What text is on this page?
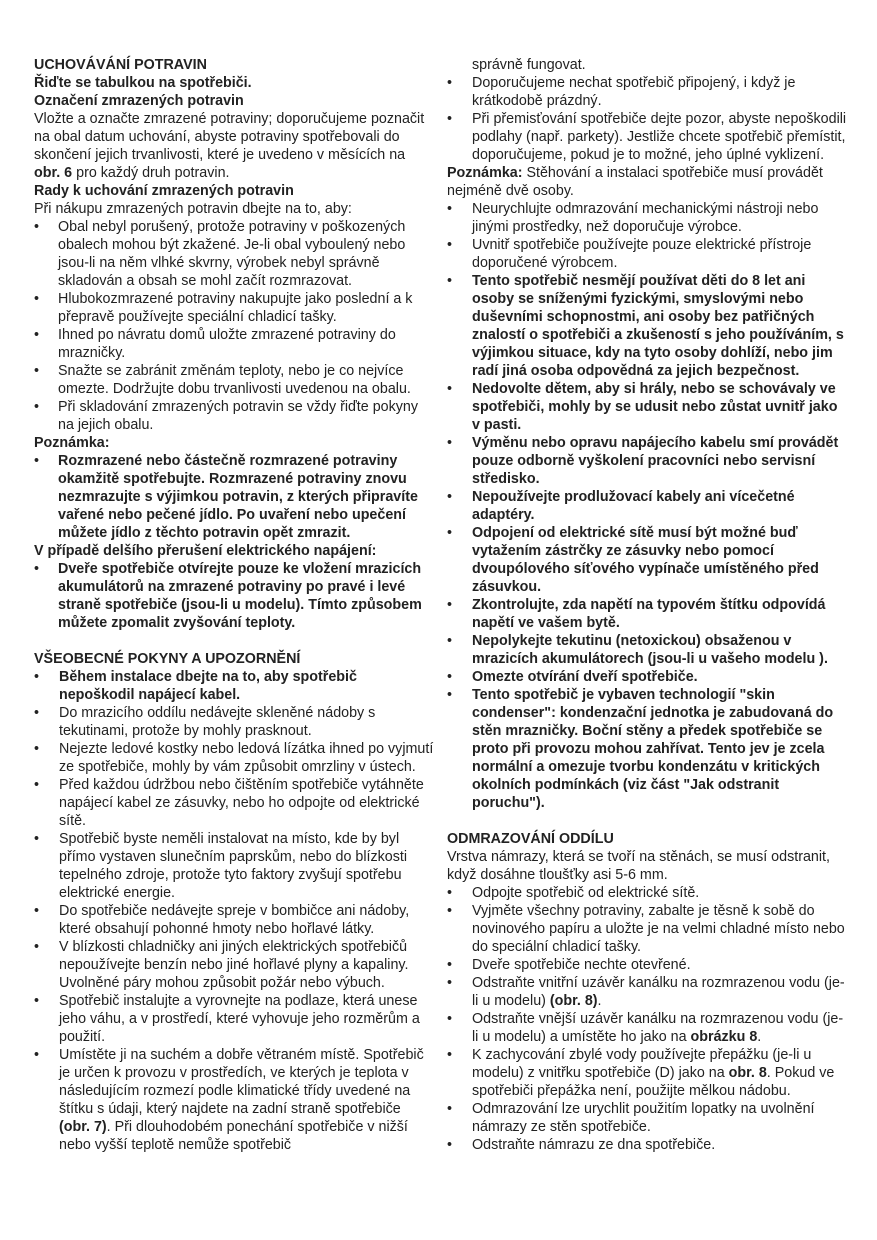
UCHOVÁVÁNÍ POTRAVIN

Řiďte se tabulkou na spotřebiči.

Označení zmrazených potravin

Vložte a označte zmrazené potraviny; doporučujeme poznačit na obal datum uchování, abyste potraviny spotřebovali do skončení jejich trvanlivosti, které je uvedeno v měsících na obr. 6 pro každý druh potravin.

Rady k uchování zmrazených potravin

Při nákupu zmrazených potravin dbejte na to, aby:

• Obal nebyl porušený, protože potraviny v poškozených obalech mohou být zkažené. Je-li obal vyboulený nebo jsou-li na něm vlhké skvrny, výrobek nebyl správně skladován a obsah se mohl začít rozmrazovat.
• Hlubokozmrazené potraviny nakupujte jako poslední a k přepravě používejte speciální chladicí tašky.
• Ihned po návratu domů uložte zmrazené potraviny do mrazničky.
• Snažte se zabránit změnám teploty, nebo je co nejvíce omezte. Dodržujte dobu trvanlivosti uvedenou na obalu.
• Při skladování zmrazených potravin se vždy řiďte pokyny na jejich obalu.

Poznámka:

• Rozmrazené nebo částečně rozmrazené potraviny okamžitě spotřebujte. Rozmrazené potraviny znovu nezmrazujte s výjimkou potravin, z kterých připravíte vařené nebo pečené jídlo. Po uvaření nebo upečení můžete jídlo z těchto potravin opět zmrazit.

V případě delšího přerušení elektrického napájení:

• Dveře spotřebiče otvírejte pouze ke vložení mrazicích akumulátorů na zmrazené potraviny po pravé i levé straně spotřebiče (jsou-li u modelu). Tímto způsobem můžete zpomalit zvyšování teploty.

VŠEOBECNÉ POKYNY A UPOZORNĚNÍ

• Během instalace dbejte na to, aby spotřebič nepoškodil napájecí kabel.
• Do mrazicího oddílu nedávejte skleněné nádoby s tekutinami, protože by mohly prasknout.
• Nejezte ledové kostky nebo ledová lízátka ihned po vyjmutí ze spotřebiče, mohly by vám způsobit omrzliny v ústech.
• Před každou údržbou nebo čištěním spotřebiče vytáhněte napájecí kabel ze zásuvky, nebo ho odpojte od elektrické sítě.
• Spotřebič byste neměli instalovat na místo, kde by byl přímo vystaven slunečním paprskům, nebo do blízkosti tepelného zdroje, protože tyto faktory zvyšují spotřebu elektrické energie.
• Do spotřebiče nedávejte spreje v bombičce ani nádoby, které obsahují pohonné hmoty nebo hořlavé látky.
• V blízkosti chladničky ani jiných elektrických spotřebičů nepoužívejte benzín nebo jiné hořlavé plyny a kapaliny. Uvolněné páry mohou způsobit požár nebo výbuch.
• Spotřebič instalujte a vyrovnejte na podlaze, která unese jeho váhu, a v prostředí, které vyhovuje jeho rozměrům a použití.
• Umístěte ji na suchém a dobře větraném místě. Spotřebič je určen k provozu v prostředích, ve kterých je teplota v následujícím rozmezí podle klimatické třídy uvedené na štítku s údaji, který najdete na zadní straně spotřebiče (obr. 7). Při dlouhodobém ponechání spotřebiče v nižší nebo vyšší teplotě nemůže spotřebič

správně fungovat.

• Doporučujeme nechat spotřebič připojený, i když je krátkodobě prázdný.
• Při přemisťování spotřebiče dejte pozor, abyste nepoškodili podlahy (např. parkety). Jestliže chcete spotřebič přemístit, doporučujeme, pokud je to možné, jeho úplné vyklizení.

Poznámka: Stěhování a instalaci spotřebiče musí provádět nejméně dvě osoby.

• Neurychlujte odmrazování mechanickými nástroji nebo jinými prostředky, než doporučuje výrobce.
• Uvnitř spotřebiče používejte pouze elektrické přístroje doporučené výrobcem.
• Tento spotřebič nesmějí používat děti do 8 let ani osoby se sníženými fyzickými, smyslovými nebo duševními schopnostmi, ani osoby bez patřičných znalostí o spotřebiči a zkušeností s jeho používáním, s výjimkou situace, kdy na tyto osoby dohlíží, nebo jim radí jiná osoba odpovědná za jejich bezpečnost.
• Nedovolte dětem, aby si hrály, nebo se schovávaly ve spotřebiči, mohly by se udusit nebo zůstat uvnitř jako v pasti.
• Výměnu nebo opravu napájecího kabelu smí provádět pouze odborně vyškolení pracovníci nebo servisní středisko.
• Nepoužívejte prodlužovací kabely ani vícečetné adaptéry.
• Odpojení od elektrické sítě musí být možné buď vytažením zástrčky ze zásuvky nebo pomocí dvoupólového síťového vypínače umístěného před zásuvkou.
• Zkontrolujte, zda napětí na typovém štítku odpovídá napětí ve vašem bytě.
• Nepolykejte tekutinu (netoxickou) obsaženou v mrazicích akumulátorech (jsou-li u vašeho modelu ).
• Omezte otvírání dveří spotřebiče.
• Tento spotřebič je vybaven technologií "skin condenser": kondenzační jednotka je zabudovaná do stěn mrazničky. Boční stěny a předek spotřebiče se proto při provozu mohou zahřívat. Tento jev je zcela normální a omezuje tvorbu kondenzátu v kritických okolních podmínkách (viz část "Jak odstranit poruchu").

ODMRAZOVÁNÍ ODDÍLU

Vrstva námrazy, která se tvoří na stěnách, se musí odstranit, když dosáhne tloušťky asi 5-6 mm.

• Odpojte spotřebič od elektrické sítě.
• Vyjměte všechny potraviny, zabalte je těsně k sobě do novinového papíru a uložte je na velmi chladné místo nebo do speciální chladicí tašky.
• Dveře spotřebiče nechte otevřené.
• Odstraňte vnitřní uzávěr kanálku na rozmrazenou vodu (je-li u modelu) (obr. 8).
• Odstraňte vnější uzávěr kanálku na rozmrazenou vodu (je-li u modelu) a umístěte ho jako na obrázku 8.
• K zachycování zbylé vody používejte přepážku (je-li u modelu) z vnitřku spotřebiče (D) jako na obr. 8. Pokud ve spotřebiči přepážka není, použijte mělkou nádobu.
• Odmrazování lze urychlit použitím lopatky na uvolnění námrazy ze stěn spotřebiče.
• Odstraňte námrazu ze dna spotřebiče.
